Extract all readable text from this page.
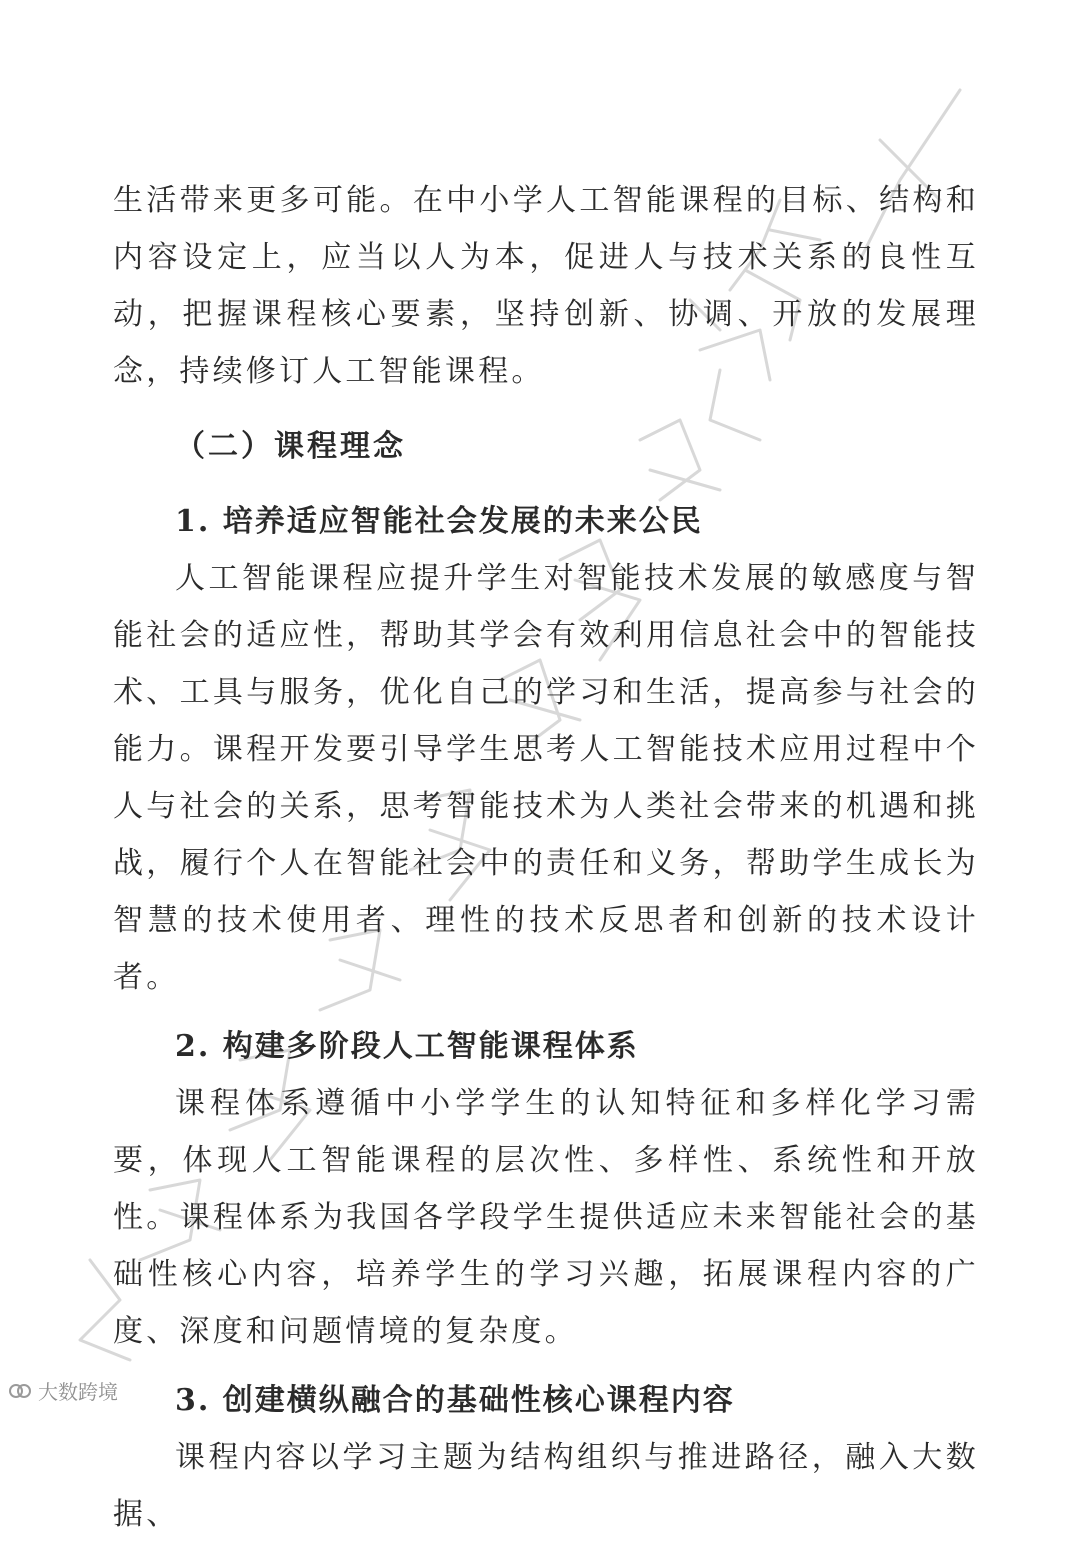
生活带来更多可能。在中小学人工智能课程的目标、结构和内容设定上，应当以人为本，促进人与技术关系的良性互动，把握课程核心要素，坚持创新、协调、开放的发展理念，持续修订人工智能课程。

（二）课程理念
1. 培养适应智能社会发展的未来公民

人工智能课程应提升学生对智能技术发展的敏感度与智能社会的适应性，帮助其学会有效利用信息社会中的智能技术、工具与服务，优化自己的学习和生活，提高参与社会的能力。课程开发要引导学生思考人工智能技术应用过程中个人与社会的关系，思考智能技术为人类社会带来的机遇和挑战，履行个人在智能社会中的责任和义务，帮助学生成长为智慧的技术使用者、理性的技术反思者和创新的技术设计者。

2. 构建多阶段人工智能课程体系

课程体系遵循中小学学生的认知特征和多样化学习需要，体现人工智能课程的层次性、多样性、系统性和开放性。课程体系为我国各学段学生提供适应未来智能社会的基础性核心内容，培养学生的学习兴趣，拓展课程内容的广度、深度和问题情境的复杂度。

3. 创建横纵融合的基础性核心课程内容

课程内容以学习主题为结构组织与推进路径，融入大数据、

大数跨境
